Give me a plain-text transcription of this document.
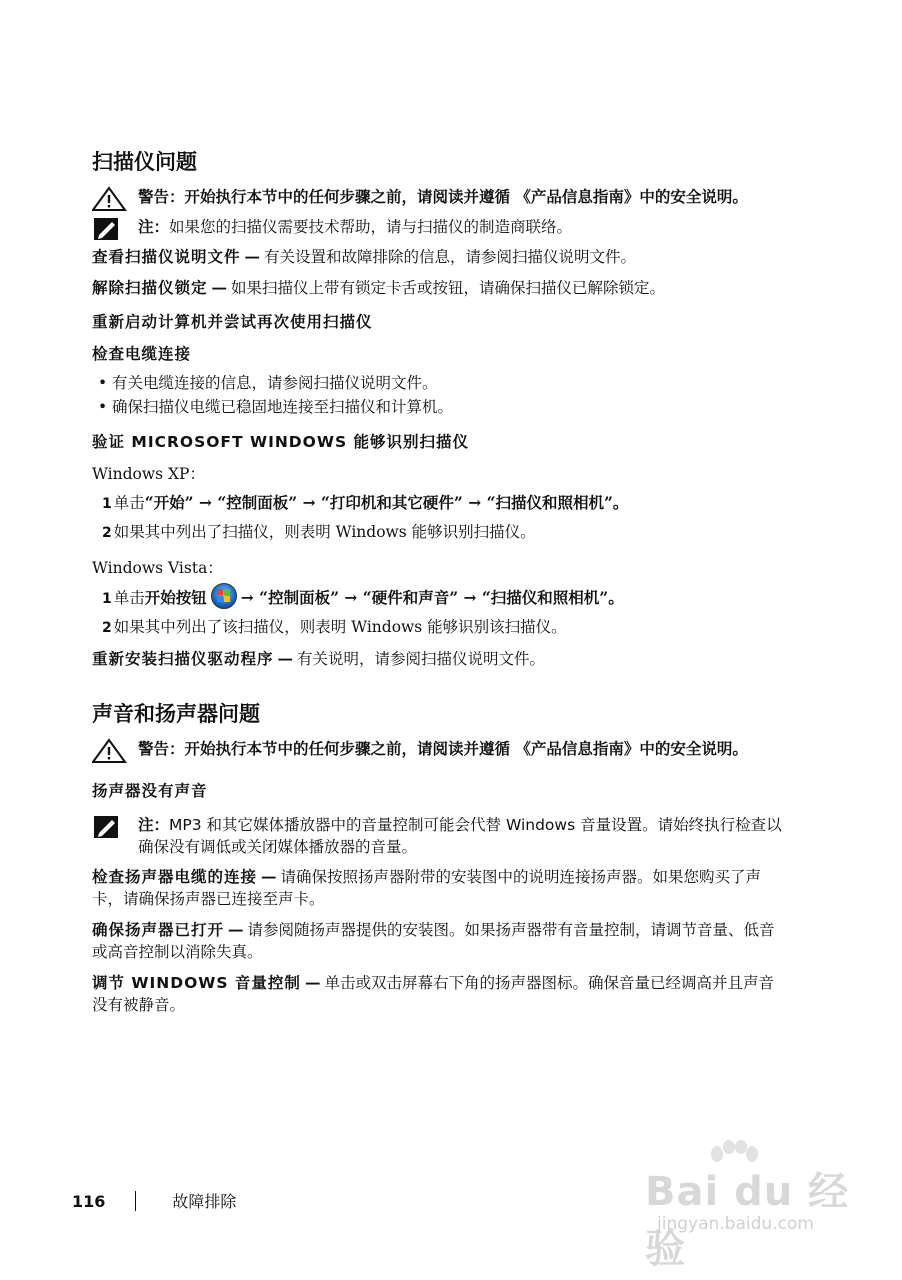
扫描仪问题
警告：开始执行本节中的任何步骤之前，请阅读并遵循 《产品信息指南》中的安全说明。
注：如果您的扫描仪需要技术帮助，请与扫描仪的制造商联络。
查看扫描仪说明文件 — 有关设置和故障排除的信息，请参阅扫描仪说明文件。
解除扫描仪锁定 — 如果扫描仪上带有锁定卡舌或按钮，请确保扫描仪已解除锁定。
重新启动计算机并尝试再次使用扫描仪
检查电缆连接
• 有关电缆连接的信息，请参阅扫描仪说明文件。
• 确保扫描仪电缆已稳固地连接至扫描仪和计算机。
验证 MICROSOFT WINDOWS 能够识别扫描仪
Windows XP：
1 单击“开始” → “控制面板” → “打印机和其它硬件” → “扫描仪和照相机”。
2 如果其中列出了扫描仪，则表明 Windows 能够识别扫描仪。
Windows Vista：
1 单击开始按钮 → “控制面板” → “硬件和声音” → “扫描仪和照相机”。
2 如果其中列出了该扫描仪，则表明 Windows 能够识别该扫描仪。
重新安装扫描仪驱动程序 — 有关说明，请参阅扫描仪说明文件。
声音和扬声器问题
警告：开始执行本节中的任何步骤之前，请阅读并遵循 《产品信息指南》中的安全说明。
扬声器没有声音
注：MP3 和其它媒体播放器中的音量控制可能会代替 Windows 音量设置。请始终执行检查以确保没有调低或关闭媒体播放器的音量。
检查扬声器电缆的连接 — 请确保按照扬声器附带的安装图中的说明连接扬声器。如果您购买了声卡，请确保扬声器已连接至声卡。
确保扬声器已打开 — 请参阅随扬声器提供的安装图。如果扬声器带有音量控制，请调节音量、低音或高音控制以消除失真。
调节 WINDOWS 音量控制 — 单击或双击屏幕右下角的扬声器图标。确保音量已经调高并且声音没有被静音。
116	故障排除	Bai du 经验
jingyan.baidu.com
